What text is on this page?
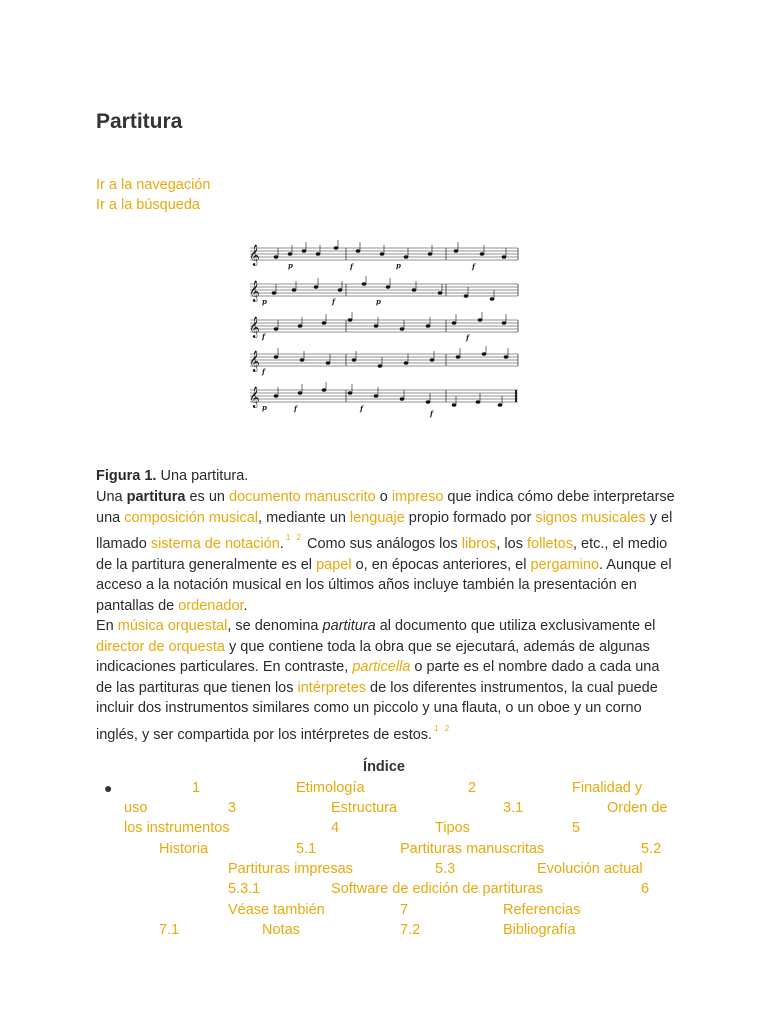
Partitura
Ir a la navegación
Ir a la búsqueda
𝄞
𝄞
𝄞
𝄞
𝄞
p	f	p	f
p	f	p
f	f
f
p	f	f
f
Figura 1. Una partitura.

Una partitura es un documento manuscrito o impreso que indica cómo debe interpretarse una composición musical, mediante un lenguaje propio formado por signos musicales y el llamado sistema de notación. $^{1 2}$ Como sus análogos los libros, los folletos, etc., el medio de la partitura generalmente es el papel o, en épocas anteriores, el pergamino. Aunque el acceso a la notación musical en los últimos años incluye también la presentación en pantallas de ordenador.

En música orquestal, se denomina partitura al documento que utiliza exclusivamente el director de orquesta y que contiene toda la obra que se ejecutará, además de algunas indicaciones particulares. En contraste, particella o parte es el nombre dado a cada una de las partituras que tienen los intérpretes de los diferentes instrumentos, la cual puede incluir dos instrumentos similares como un piccolo y una flauta, o un oboe y un corno inglés, y ser compartida por los intérpretes de estos. $^{1 2}$

Índice
●	1	Etimología	2	Finalidad y
uso	3	Estructura	3.1	Orden de
los instrumentos	4	Tipos	5
Historia	5.1	Partituras manuscritas	5.2
Partituras impresas	5.3	Evolución actual
5.3.1	Software de edición de partituras	6
Véase también	7	Referencias
7.1	Notas	7.2	Bibliografía
